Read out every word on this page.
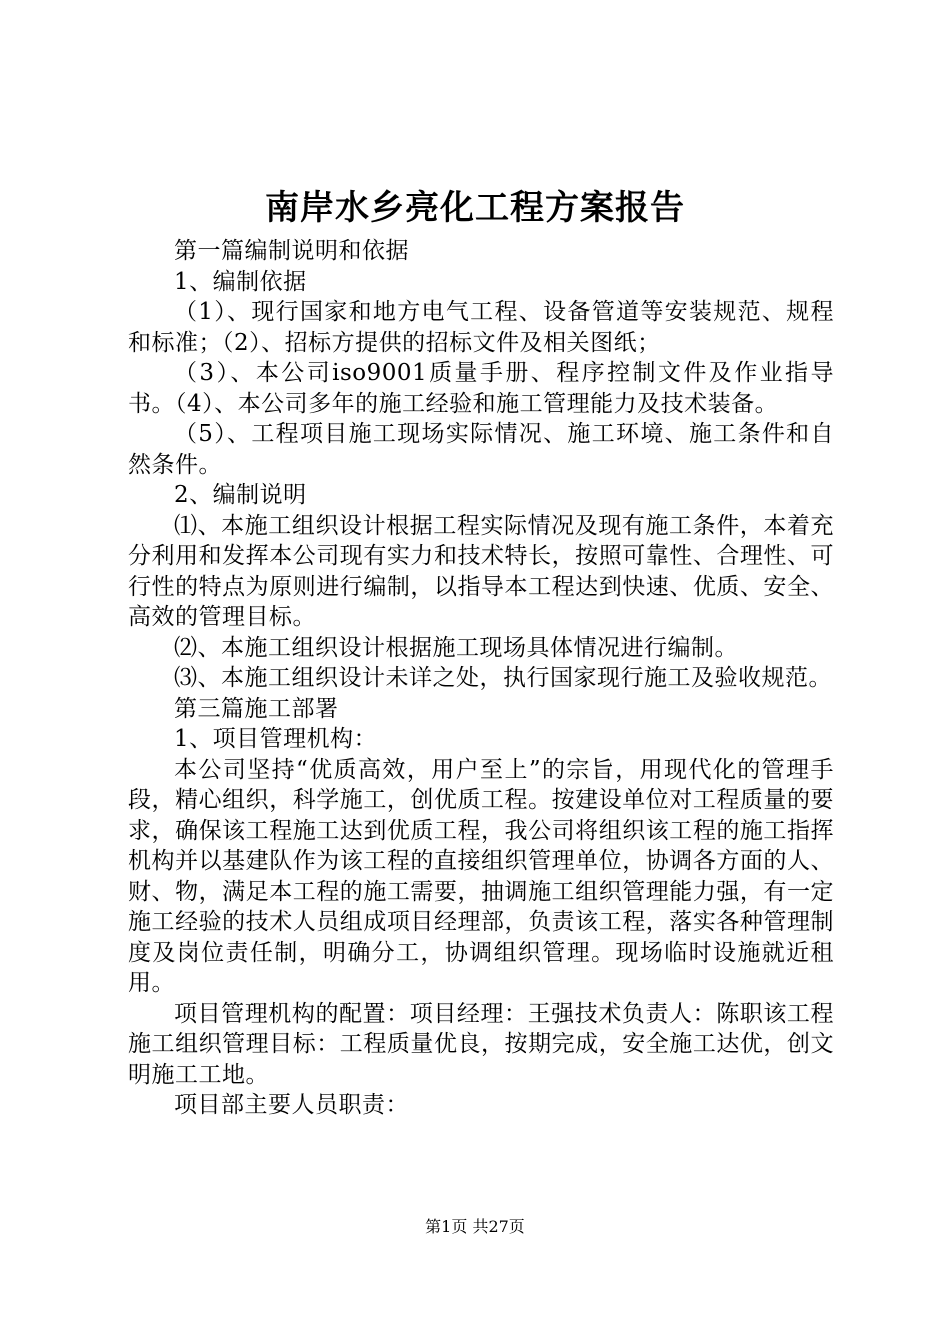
南岸水乡亮化工程方案报告

第一篇编制说明和依据

1、编制依据

（1）、现行国家和地方电气工程、设备管道等安装规范、规程和标准；（2）、招标方提供的招标文件及相关图纸；

（3）、本公司iso9001质量手册、程序控制文件及作业指导书。（4）、本公司多年的施工经验和施工管理能力及技术装备。

（5）、工程项目施工现场实际情况、施工环境、施工条件和自然条件。

2、编制说明

⑴、本施工组织设计根据工程实际情况及现有施工条件，本着充分利用和发挥本公司现有实力和技术特长，按照可靠性、合理性、可行性的特点为原则进行编制，以指导本工程达到快速、优质、安全、高效的管理目标。

⑵、本施工组织设计根据施工现场具体情况进行编制。

⑶、本施工组织设计未详之处，执行国家现行施工及验收规范。

第三篇施工部署

1、项目管理机构：

本公司坚持“优质高效，用户至上”的宗旨，用现代化的管理手段，精心组织，科学施工，创优质工程。按建设单位对工程质量的要求，确保该工程施工达到优质工程，我公司将组织该工程的施工指挥机构并以基建队作为该工程的直接组织管理单位，协调各方面的人、财、物，满足本工程的施工需要，抽调施工组织管理能力强，有一定施工经验的技术人员组成项目经理部，负责该工程，落实各种管理制度及岗位责任制，明确分工，协调组织管理。现场临时设施就近租用。

项目管理机构的配置：项目经理：王强技术负责人：陈职该工程施工组织管理目标：工程质量优良，按期完成，安全施工达优，创文明施工工地。

项目部主要人员职责：

第1页 共27页
